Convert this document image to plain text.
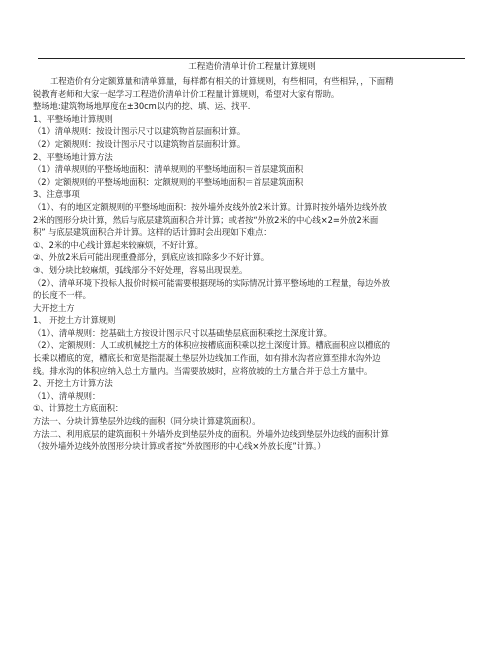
工程造价清单计价工程量计算规则

工程造价有分定额算量和清单算量，每样都有相关的计算规则，有些相同，有些相异，，下面精

锐教育老师和大家一起学习工程造价清单计价工程量计算规则，希望对大家有帮助。

整场地:建筑物场地厚度在±30cm以内的挖、填、运、找平.

1、平整场地计算规则

（1）清单规则：按设计图示尺寸以建筑物首层面积计算。

（2）定额规则：按设计图示尺寸以建筑物首层面积计算。

2、平整场地计算方法

（1）清单规则的平整场地面积：清单规则的平整场地面积＝首层建筑面积

（2）定额规则的平整场地面积：定额规则的平整场地面积＝首层建筑面积

3、注意事项

（1）、有的地区定额规则的平整场地面积：按外墙外皮线外放2米计算。计算时按外墙外边线外放

2米的图形分块计算，然后与底层建筑面积合并计算；或者按“外放2米的中心线×2=外放2米面

积” 与底层建筑面积合并计算。这样的话计算时会出现如下难点：

①、2米的中心线计算起来较麻烦，不好计算。

②、外放2米后可能出现重叠部分，到底应该扣除多少不好计算。

③、划分块比较麻烦，弧线部分不好处理，容易出现误差。

（2）、清单环境下投标人报价时候可能需要根据现场的实际情况计算平整场地的工程量，每边外放

的长度不一样。

大开挖土方

1、 开挖土方计算规则

（1）、清单规则：挖基础土方按设计图示尺寸以基础垫层底面积乘挖土深度计算。

（2）、定额规则：人工或机械挖土方的体积应按槽底面积乘以挖土深度计算。槽底面积应以槽底的

长乘以槽底的宽，槽底长和宽是指混凝土垫层外边线加工作面，如有排水沟者应算至排水沟外边

线。排水沟的体积应纳入总土方量内。当需要放坡时，应将放坡的土方量合并于总土方量中。

2、开挖土方计算方法

（1）、清单规则：

①、计算挖土方底面积：

方法一、分块计算垫层外边线的面积（同分块计算建筑面积）。

方法二、利用底层的建筑面积＋外墙外皮到垫层外皮的面积。外墙外边线到垫层外边线的面积计算

（按外墙外边线外放图形分块计算或者按“外放图形的中心线×外放长度”计算。）
